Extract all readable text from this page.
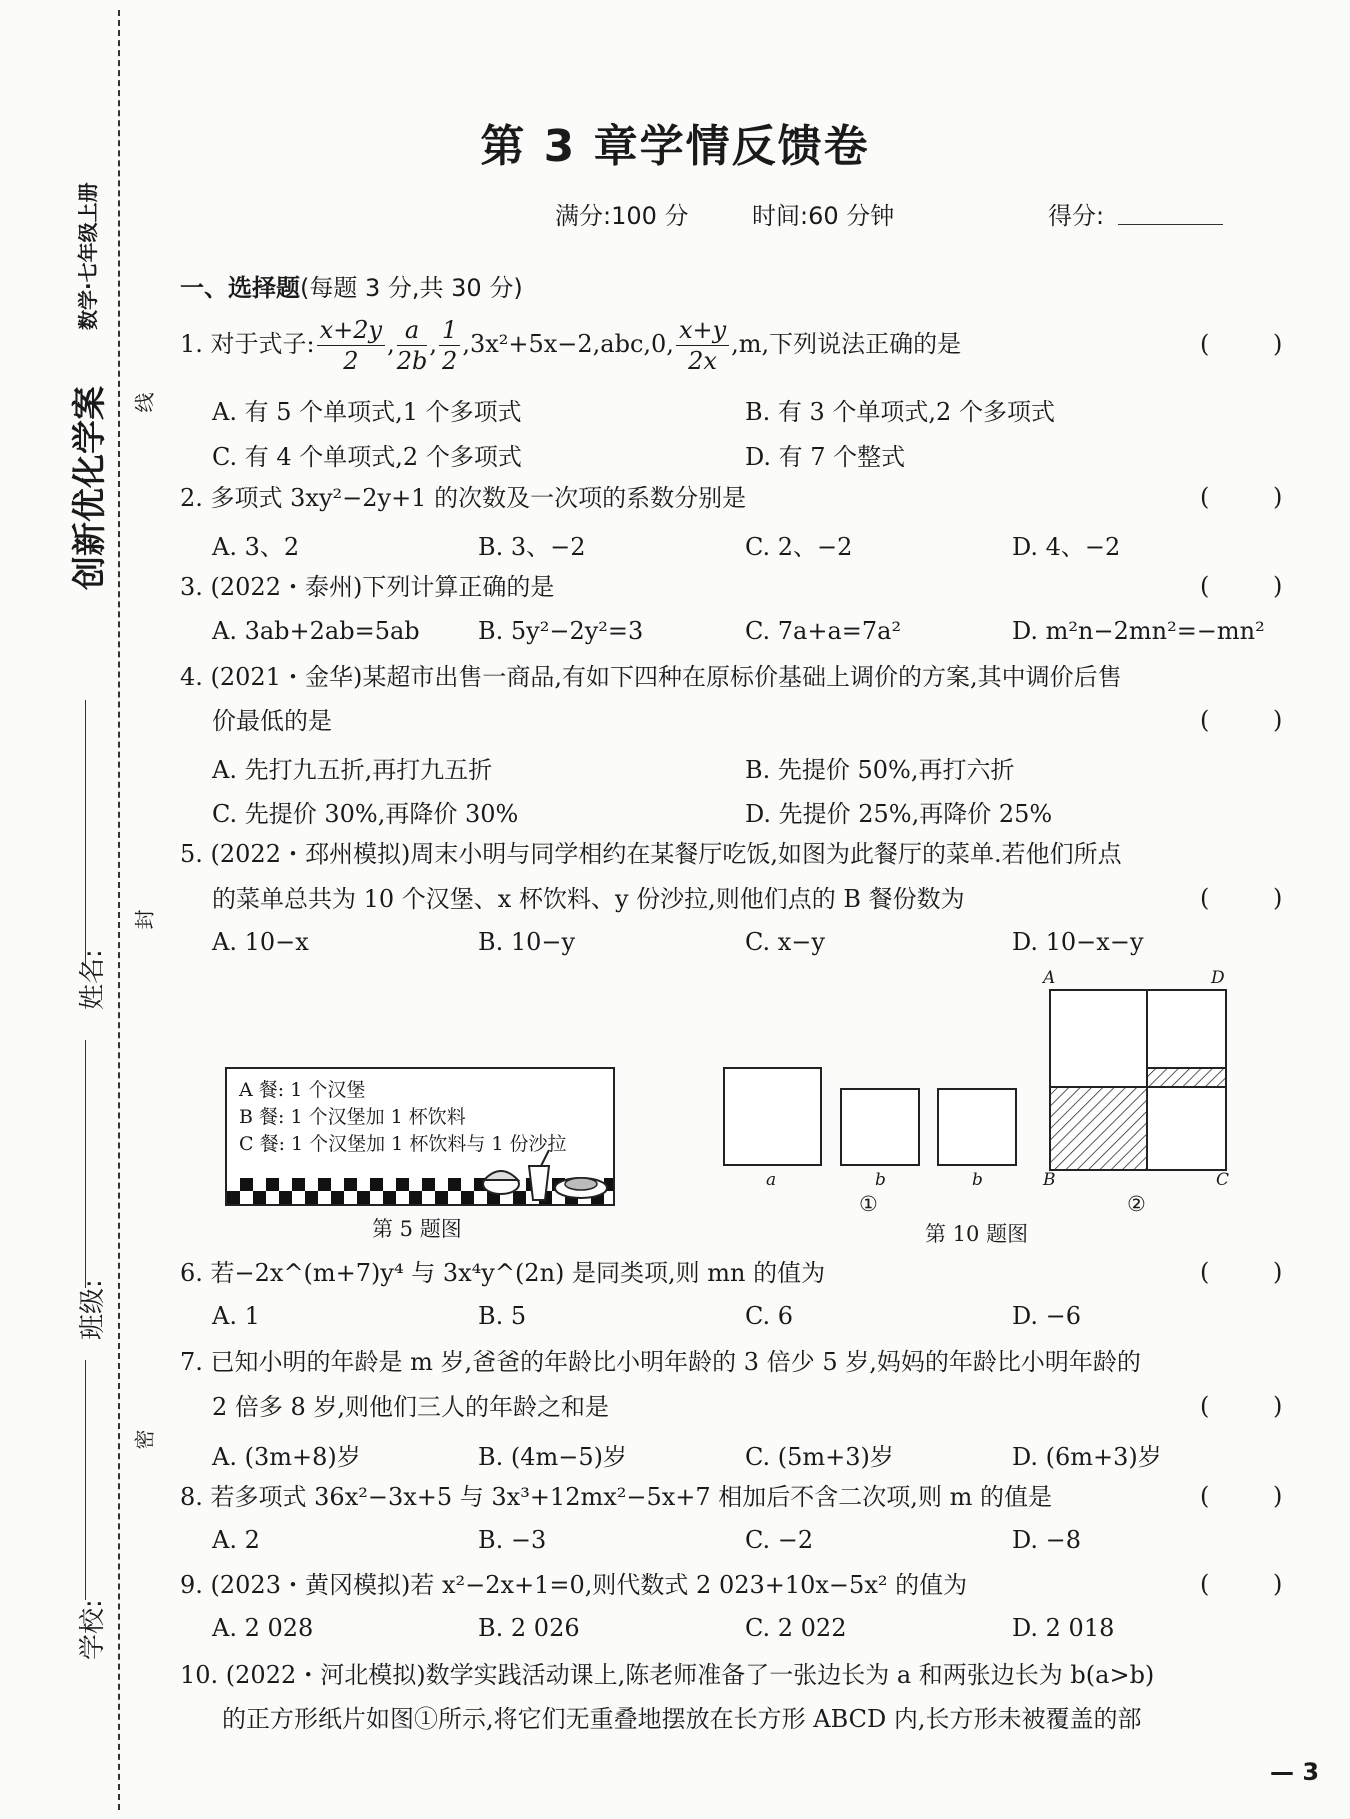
创新优化学案
数学·七年级上册
姓名:
班级:
学校:
线
封
密
第 3 章学情反馈卷
满分:100 分	时间:60 分钟	得分:
一、选择题(每题 3 分,共 30 分)
1. 对于式子: $\frac{x+2y}{2}$ , $\frac{a}{2b}$ , $\frac{1}{2} ,3x^2+5x-2,abc,0$, $\frac{x+y}{2x} ,m$,下列说法正确的是	( )
A. 有 5 个单项式,1 个多项式	B. 有 3 个单项式,2 个多项式
C. 有 4 个单项式,2 个多项式	D. 有 7 个整式
2. 多项式 3xy²−2y+1 的次数及一次项的系数分别是	( )
A. 3、2	B. 3、−2	C. 2、−2	D. 4、−2
3. (2022・泰州)下列计算正确的是	( )
A. 3ab+2ab=5ab B. 5y²−2y²=3	C. 7a+a=7a²	D. m²n−2mn²=−mn²
4. (2021・金华)某超市出售一商品,有如下四种在原标价基础上调价的方案,其中调价后售
价最低的是	( )
A. 先打九五折,再打九五折	B. 先提价 50%,再打六折
C. 先提价 30%,再降价 30%	D. 先提价 25%,再降价 25%
5. (2022・邳州模拟)周末小明与同学相约在某餐厅吃饭,如图为此餐厅的菜单.若他们所点
的菜单总共为 10 个汉堡、x 杯饮料、y 份沙拉,则他们点的 B 餐份数为	( )
A. 10−x	B. 10−y	C. x−y	D. 10−x−y
A 餐: 1 个汉堡
B 餐: 1 个汉堡加 1 杯饮料
C 餐: 1 个汉堡加 1 杯饮料与 1 份沙拉
第 5 题图
a	b	b
①
A	D
B	C
②
第 10 题图
6. 若−2x^(m+7)y⁴ 与 3x⁴y^(2n) 是同类项,则 mn 的值为	( )
A. 1	B. 5	C. 6	D. −6
7. 已知小明的年龄是 m 岁,爸爸的年龄比小明年龄的 3 倍少 5 岁,妈妈的年龄比小明年龄的
2 倍多 8 岁,则他们三人的年龄之和是	( )
A. (3m+8)岁	B. (4m−5)岁	C. (5m+3)岁	D. (6m+3)岁
8. 若多项式 36x²−3x+5 与 3x³+12mx²−5x+7 相加后不含二次项,则 m 的值是	( )
A. 2	B. −3	C. −2	D. −8
9. (2023・黄冈模拟)若 x²−2x+1=0,则代数式 2 023+10x−5x² 的值为	( )
A. 2 028	B. 2 026	C. 2 022	D. 2 018
10. (2022・河北模拟)数学实践活动课上,陈老师准备了一张边长为 a 和两张边长为 b(a>b)
的正方形纸片如图①所示,将它们无重叠地摆放在长方形 ABCD 内,长方形未被覆盖的部
— 3
